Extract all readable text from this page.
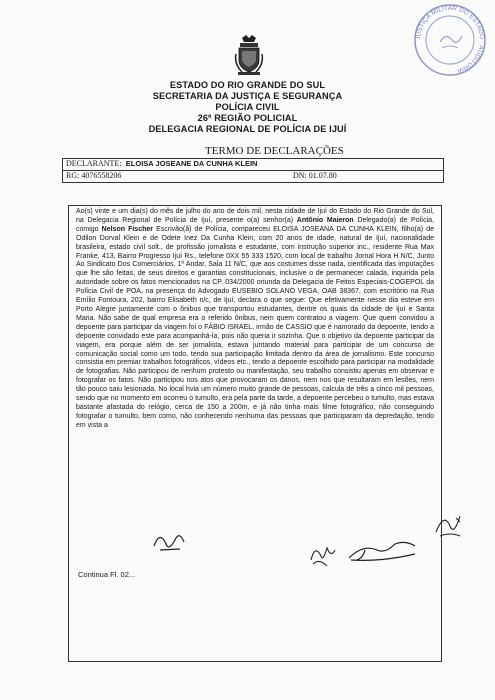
JUSTIÇA MILITAR DO ESTADO · AUDITORIA
ESTADO DO RIO GRANDE DO SUL
SECRETARIA DA JUSTIÇA E SEGURANÇA
POLÍCIA CIVIL
26ª REGIÃO POLICIAL
DELEGACIA REGIONAL DE POLÍCIA DE IJUÍ
TERMO DE DECLARAÇÕES
DECLARANTE: ELOISA JOSEANE DA CUNHA KLEIN
RG: 4076558206	DN: 01.07.80
Ao(s) vinte e um dia(s) do mês de julho do ano de dois mil, nesta cidade de Ijuí do Estado do Rio Grande do Sul, na Delegacia Regional de Polícia de Ijuí, presente o(a) senhor(a) Antônio Maieron Delegado(a) de Polícia, comigo Nelson Fischer Escrivão(ã) de Polícia, compareceu ELOISA JOSEANA DA CUNHA KLEIN, filho(a) de Odilon Dorval Klein e de Odete Inez Da Cunha Klein, com 20 anos de idade, natural de Ijuí, nacionalidade brasileira, estado civil solt., de profissão jornalista e estudante, com instrução superior inc., residente Rua Max Franke, 413, Bairro Progresso Ijuí Rs., telefone 0XX 55 333 1520, com local de trabalho Jornal Hora H N/C, Junto Ao Sindicato Dos Comerciários, 1º Andar, Sala 11 N/C, que aos costumes disse nada, cientificada das imputações que lhe são feitas, de seus direitos e garantias constitucionais, inclusive o de permanecer calada, inquirida pela autoridade sobre os fatos mencionados na CP. 034/2000 oriunda da Delegacia de Feitos Especiais-COGEPOL da Polícia Civil de POA, na presença do Advogado EUSEBIO SOLANO VEGA, OAB 38367, com escritório na Rua Emílio Fontoura, 202, bairro Elisabeth n/c, de Ijuí, declara o que segue: Que efetivamente nesse dia esteve em Porto Alegre juntamente com o ônibus que transportou estudantes, dentre os quais da cidade de Ijuí e Santa Maria. Não sabe de qual empresa era o referido ônibus, nem quem contratou a viagem. Que quem convidou a depoente para participar da viagem foi o FÁBIO ISRAEL, irmão de CASSIO que é namorado da depoente, tendo a depoente convidado este para acompanhá-la, pois não queria ir sozinha. Que o objetivo da depoente participar da viagem, era porque além de ser jornalista, estava juntando material para participar de um concurso de comunicação social como um todo, tendo sua participação limitada dentro da área de jornalismo. Este concurso consistia em premiar trabalhos fotográficos, vídeos etc., tendo a depoente escolhido para participar na modalidade de fotografias. Não participou de nenhum protesto ou manifestação, seu trabalho consistiu apenas em observar e fotografar os fatos. Não participou nos atos que provocaram os danos, nem nos que resultaram em lesões, nem tão pouco saiu lesionada. No local hvia um número muito grande de pessoas, calcula de três a cinco mil pessoas, sendo que no momento em ocorreu o tumulto, era pela parte da tarde, a depoente percebeu o tumulto, mas estava bastante afastada do relógio, cerca de 150 a 200m, e já não tinha mais filme fotográfico, não conseguindo fotografar o tumulto, bem como, não conhecendo nenhuma das pessoas que participaram da depredação, tendo em vista a
Continua Fl. 02...
